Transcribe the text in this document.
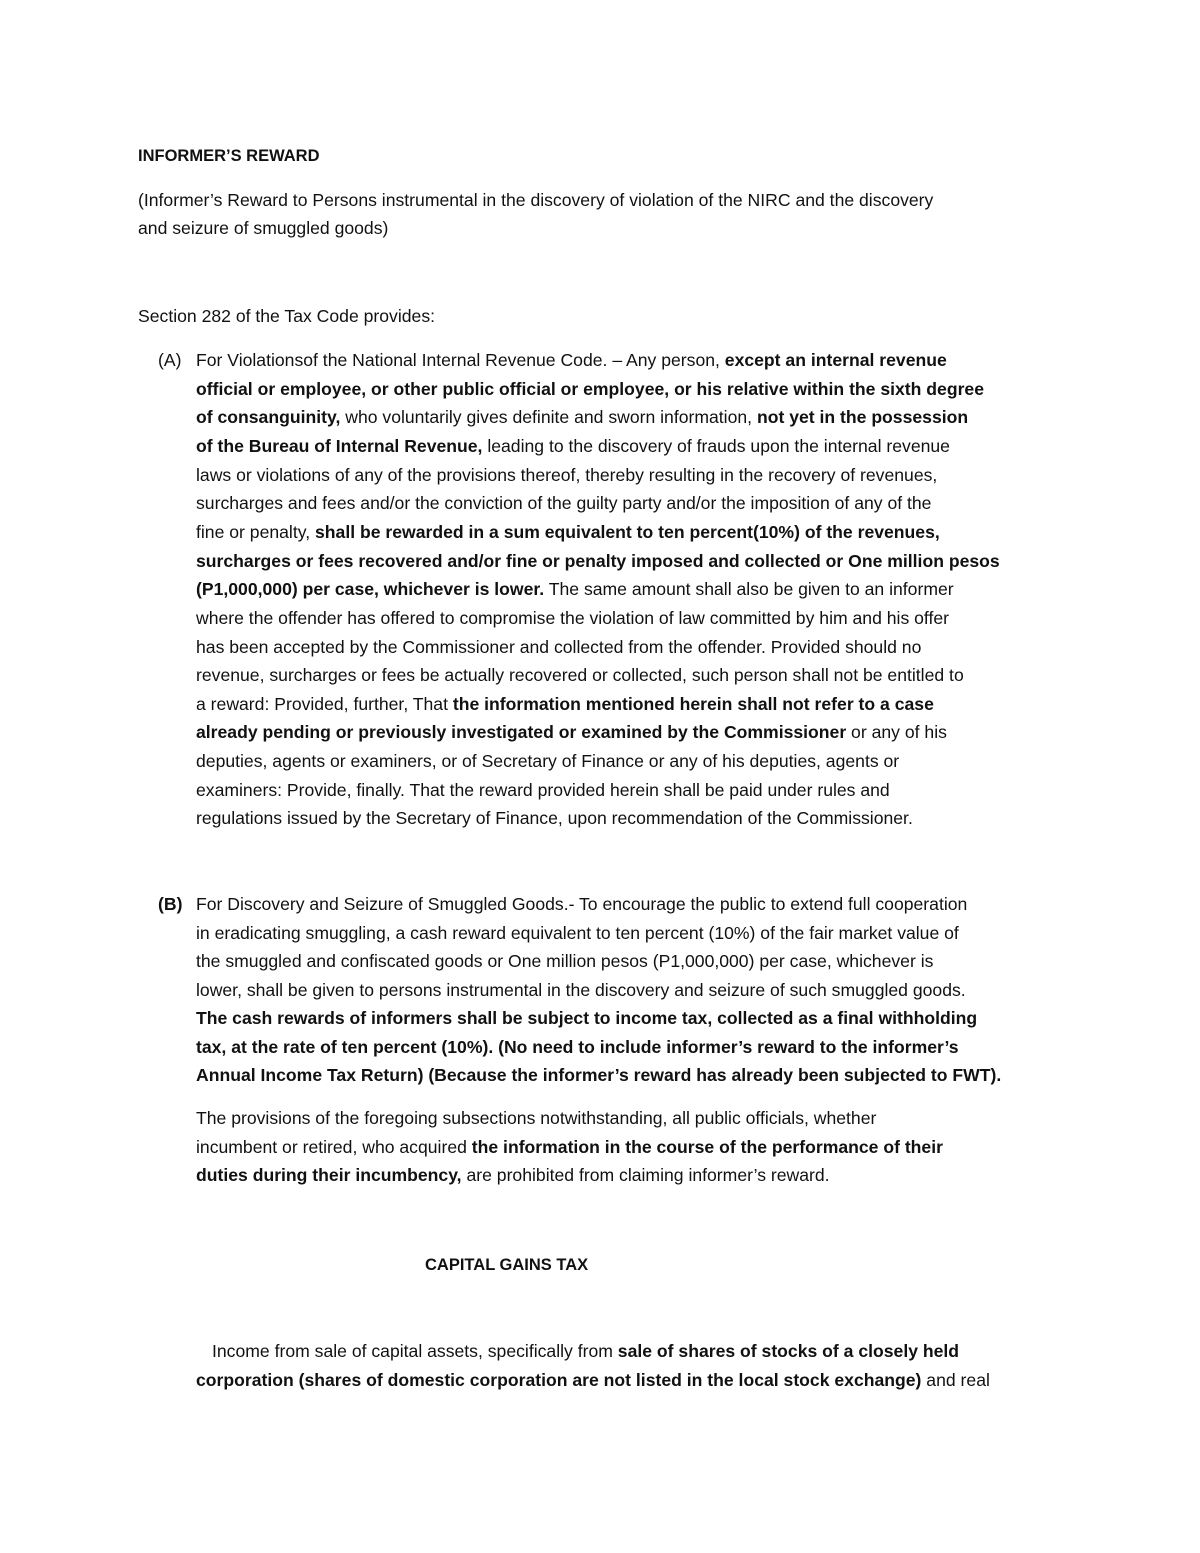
INFORMER’S REWARD
(Informer’s Reward to Persons instrumental in the discovery of violation of the NIRC and the discovery
and seizure of smuggled goods)
Section 282 of the Tax Code provides:
(A) For Violationsof the National Internal Revenue Code. – Any person, except an internal revenue
official or employee, or other public official or employee, or his relative within the sixth degree
of consanguinity, who voluntarily gives definite and sworn information, not yet in the possession
of the Bureau of Internal Revenue, leading to the discovery of frauds upon the internal revenue
laws or violations of any of the provisions thereof, thereby resulting in the recovery of revenues,
surcharges and fees and/or the conviction of the guilty party and/or the imposition of any of the
fine or penalty, shall be rewarded in a sum equivalent to ten percent(10%) of the revenues,
surcharges or fees recovered and/or fine or penalty imposed and collected or One million pesos
(P1,000,000) per case, whichever is lower. The same amount shall also be given to an informer
where the offender has offered to compromise the violation of law committed by him and his offer
has been accepted by the Commissioner and collected from the offender. Provided should no
revenue, surcharges or fees be actually recovered or collected, such person shall not be entitled to
a reward: Provided, further, That the information mentioned herein shall not refer to a case
already pending or previously investigated or examined by the Commissioner or any of his
deputies, agents or examiners, or of Secretary of Finance or any of his deputies, agents or
examiners: Provide, finally. That the reward provided herein shall be paid under rules and
regulations issued by the Secretary of Finance, upon recommendation of the Commissioner.
(B) For Discovery and Seizure of Smuggled Goods.- To encourage the public to extend full cooperation
in eradicating smuggling, a cash reward equivalent to ten percent (10%) of the fair market value of
the smuggled and confiscated goods or One million pesos (P1,000,000) per case, whichever is
lower, shall be given to persons instrumental in the discovery and seizure of such smuggled goods.
The cash rewards of informers shall be subject to income tax, collected as a final withholding
tax, at the rate of ten percent (10%). (No need to include informer’s reward to the informer’s
Annual Income Tax Return) (Because the informer’s reward has already been subjected to FWT).
The provisions of the foregoing subsections notwithstanding, all public officials, whether
incumbent or retired, who acquired the information in the course of the performance of their
duties during their incumbency, are prohibited from claiming informer’s reward.
CAPITAL GAINS TAX
Income from sale of capital assets, specifically from sale of shares of stocks of a closely held
corporation (shares of domestic corporation are not listed in the local stock exchange) and real
